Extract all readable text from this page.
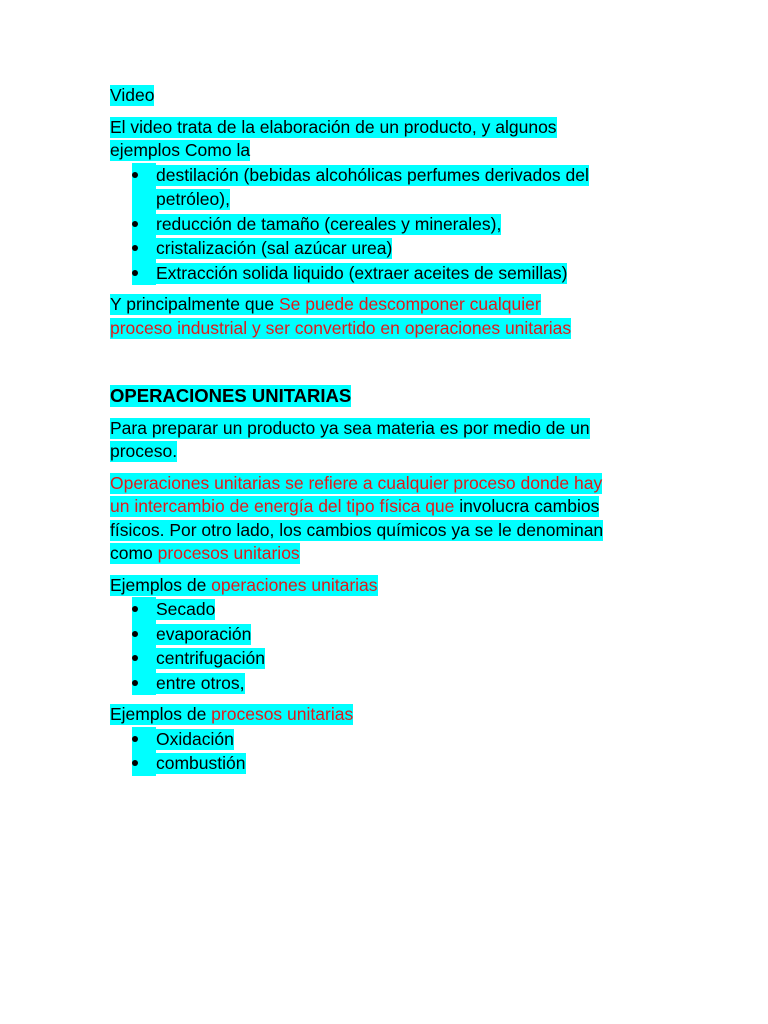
Video

El video trata de la elaboración de un producto, y algunos
ejemplos Como la

destilación (bebidas alcohólicas perfumes derivados del
petróleo),
reducción de tamaño (cereales y minerales),
cristalización (sal azúcar urea)
Extracción solida liquido (extraer aceites de semillas)

Y principalmente que Se puede descomponer cualquier
proceso industrial y ser convertido en operaciones unitarias

OPERACIONES UNITARIAS

Para preparar un producto ya sea materia es por medio de un
proceso.

Operaciones unitarias se refiere a cualquier proceso donde hay
un intercambio de energía del tipo física que involucra cambios
físicos. Por otro lado, los cambios químicos ya se le denominan
como procesos unitarios

Ejemplos de operaciones unitarias

Secado
evaporación
centrifugación
entre otros,

Ejemplos de procesos unitarias

Oxidación
combustión
